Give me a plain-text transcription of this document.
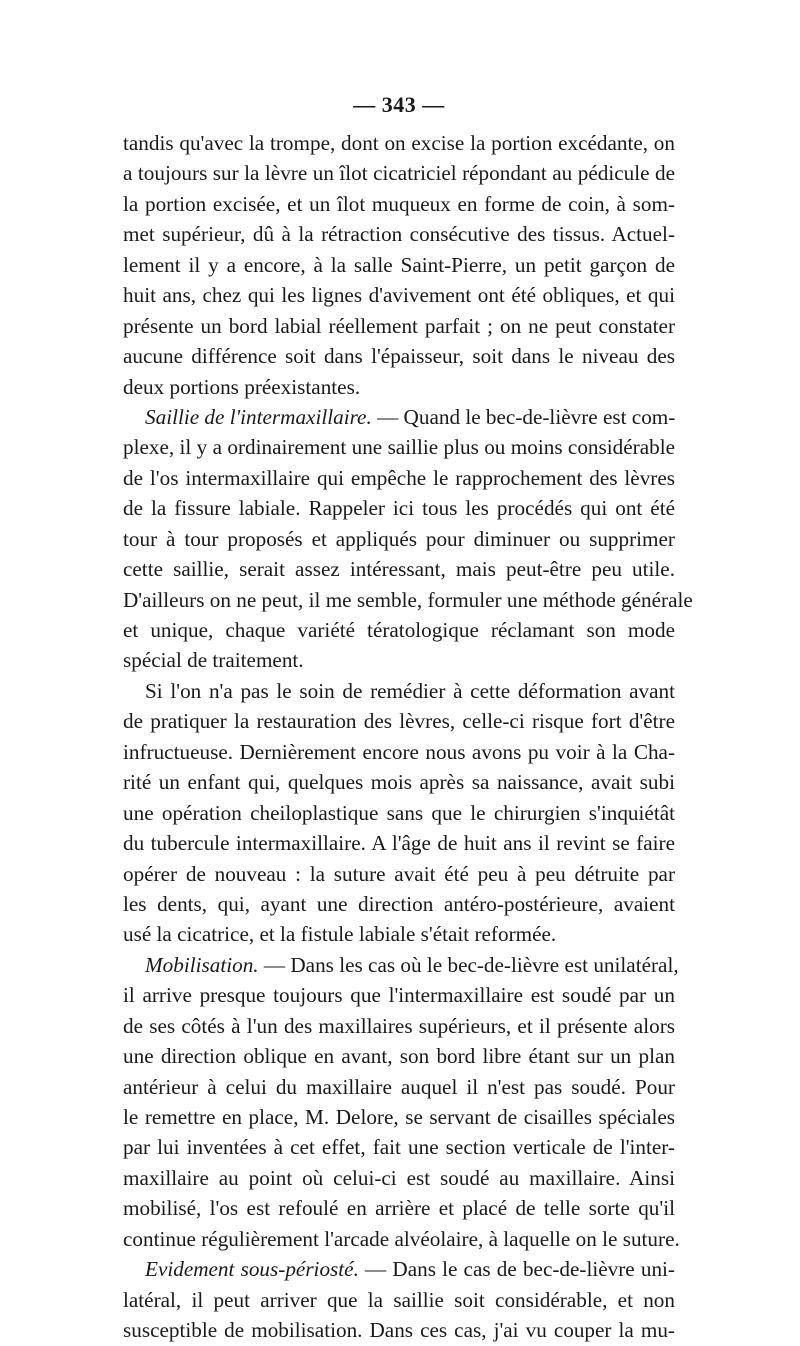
— 343 —
tandis qu'avec la trompe, dont on excise la portion excédante, on
a toujours sur la lèvre un îlot cicatriciel répondant au pédicule de
la portion excisée, et un îlot muqueux en forme de coin, à som-
met supérieur, dû à la rétraction consécutive des tissus. Actuel-
lement il y a encore, à la salle Saint-Pierre, un petit garçon de
huit ans, chez qui les lignes d'avivement ont été obliques, et qui
présente un bord labial réellement parfait ; on ne peut constater
aucune différence soit dans l'épaisseur, soit dans le niveau des
deux portions préexistantes.
Saillie de l'intermaxillaire. — Quand le bec-de-lièvre est com-
plexe, il y a ordinairement une saillie plus ou moins considérable
de l'os intermaxillaire qui empêche le rapprochement des lèvres
de la fissure labiale. Rappeler ici tous les procédés qui ont été
tour à tour proposés et appliqués pour diminuer ou supprimer
cette saillie, serait assez intéressant, mais peut-être peu utile.
D'ailleurs on ne peut, il me semble, formuler une méthode générale
et unique, chaque variété tératologique réclamant son mode
spécial de traitement.
Si l'on n'a pas le soin de remédier à cette déformation avant
de pratiquer la restauration des lèvres, celle-ci risque fort d'être
infructueuse. Dernièrement encore nous avons pu voir à la Cha-
rité un enfant qui, quelques mois après sa naissance, avait subi
une opération cheiloplastique sans que le chirurgien s'inquiétât
du tubercule intermaxillaire. A l'âge de huit ans il revint se faire
opérer de nouveau : la suture avait été peu à peu détruite par
les dents, qui, ayant une direction antéro-postérieure, avaient
usé la cicatrice, et la fistule labiale s'était reformée.
Mobilisation. — Dans les cas où le bec-de-lièvre est unilatéral,
il arrive presque toujours que l'intermaxillaire est soudé par un
de ses côtés à l'un des maxillaires supérieurs, et il présente alors
une direction oblique en avant, son bord libre étant sur un plan
antérieur à celui du maxillaire auquel il n'est pas soudé. Pour
le remettre en place, M. Delore, se servant de cisailles spéciales
par lui inventées à cet effet, fait une section verticale de l'inter-
maxillaire au point où celui-ci est soudé au maxillaire. Ainsi
mobilisé, l'os est refoulé en arrière et placé de telle sorte qu'il
continue régulièrement l'arcade alvéolaire, à laquelle on le suture.
Evidement sous-périosté. — Dans le cas de bec-de-lièvre uni-
latéral, il peut arriver que la saillie soit considérable, et non
susceptible de mobilisation. Dans ces cas, j'ai vu couper la mu-
